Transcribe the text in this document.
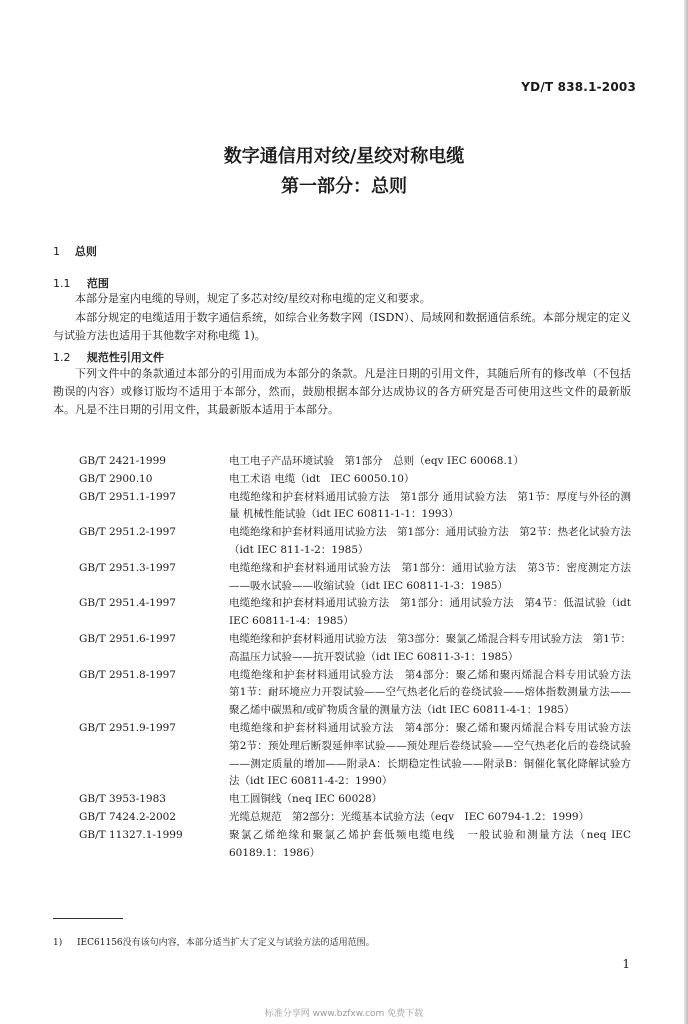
YD/T 838.1-2003
数字通信用对绞/星绞对称电缆
第一部分：总则
1 总则
1.1 范围
本部分是室内电缆的导则，规定了多芯对绞/星绞对称电缆的定义和要求。
本部分规定的电缆适用于数字通信系统，如综合业务数字网（ISDN）、局域网和数据通信系统。本部分规定的定义与试验方法也适用于其他数字对称电缆 1)。
1.2 规范性引用文件
下列文件中的条款通过本部分的引用而成为本部分的条款。凡是注日期的引用文件，其随后所有的修改单（不包括勘误的内容）或修订版均不适用于本部分，然而，鼓励根据本部分达成协议的各方研究是否可使用这些文件的最新版本。凡是不注日期的引用文件，其最新版本适用于本部分。
GB/T 2421-1999	电工电子产品环境试验　第1部分　总则（eqv IEC 60068.1）
GB/T 2900.10	电工术语 电缆（idt　IEC 60050.10）
GB/T 2951.1-1997	电缆绝缘和护套材料通用试验方法　第1部分 通用试验方法　第1节：厚度与外径的测量 机械性能试验（idt IEC 60811-1-1：1993）
GB/T 2951.2-1997	电缆绝缘和护套材料通用试验方法　第1部分：通用试验方法　第2节：热老化试验方法（idt IEC 811-1-2：1985）
GB/T 2951.3-1997	电缆绝缘和护套材料通用试验方法　第1部分：通用试验方法　第3节：密度测定方法——吸水试验——收缩试验（idt IEC 60811-1-3：1985）
GB/T 2951.4-1997	电缆绝缘和护套材料通用试验方法　第1部分：通用试验方法　第4节：低温试验（idt IEC 60811-1-4：1985）
GB/T 2951.6-1997	电缆绝缘和护套材料通用试验方法　第3部分：聚氯乙烯混合料专用试验方法　第1节：高温压力试验——抗开裂试验（idt IEC 60811-3-1：1985）
GB/T 2951.8-1997	电缆绝缘和护套材料通用试验方法　第4部分：聚乙烯和聚丙烯混合料专用试验方法　第1节：耐环境应力开裂试验——空气热老化后的卷绕试验——熔体指数测量方法——聚乙烯中碳黑和/或矿物质含量的测量方法（idt IEC 60811-4-1：1985）
GB/T 2951.9-1997	电缆绝缘和护套材料通用试验方法　第4部分：聚乙烯和聚丙烯混合料专用试验方法　第2节：预处理后断裂延伸率试验——预处理后卷绕试验——空气热老化后的卷绕试验——测定质量的增加——附录A：长期稳定性试验——附录B：铜催化氧化降解试验方法（idt IEC 60811-4-2：1990）
GB/T 3953-1983	电工圆铜线（neq IEC 60028）
GB/T 7424.2-2002	光缆总规范　第2部分：光缆基本试验方法（eqv　IEC 60794-1.2：1999）
GB/T 11327.1-1999	聚氯乙烯绝缘和聚氯乙烯护套低频电缆电线　一般试验和测量方法（neq IEC 60189.1：1986）
1) IEC61156没有该句内容，本部分适当扩大了定义与试验方法的适用范围。
1
标准分享网 www.bzfxw.com 免费下载
